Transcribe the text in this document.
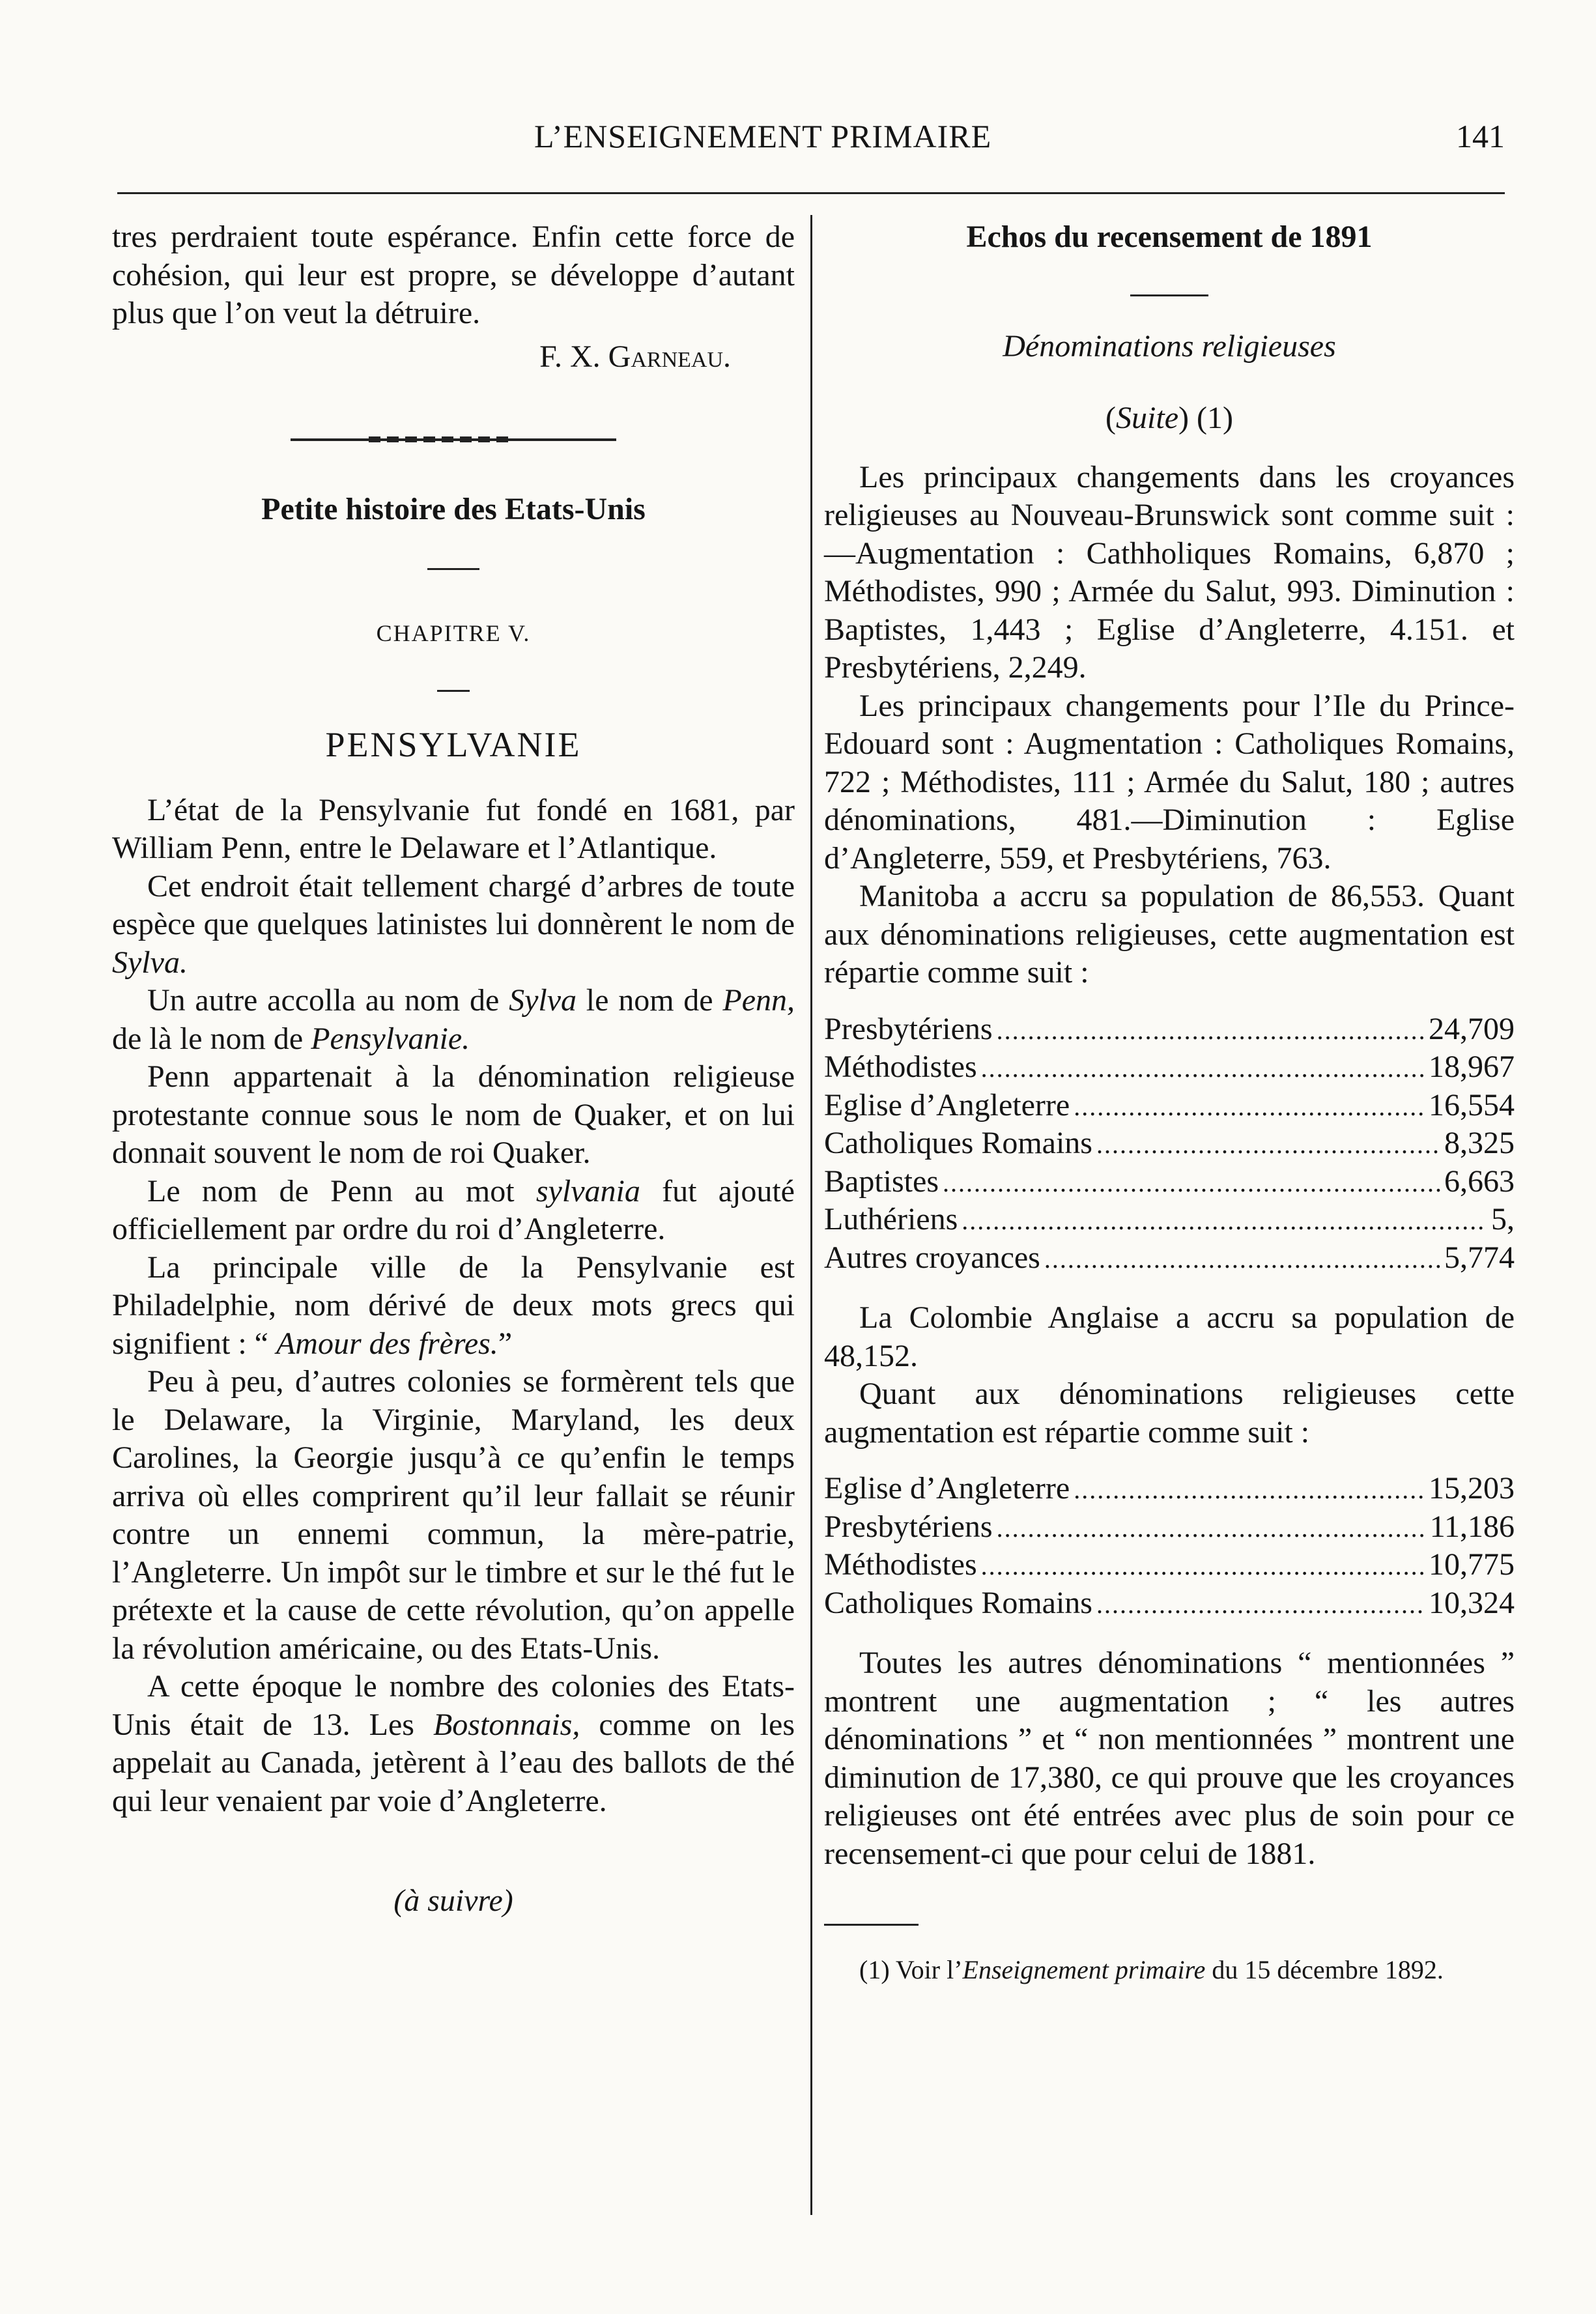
L’ENSEIGNEMENT PRIMAIRE	141

tres perdraient toute espérance. Enfin cette force de cohésion, qui leur est propre, se développe d’autant plus que l’on veut la détruire.

F. X. Garneau.

Petite histoire des Etats-Unis

CHAPITRE V.

PENSYLVANIE

L’état de la Pensylvanie fut fondé en 1681, par William Penn, entre le Delaware et l’Atlantique.

Cet endroit était tellement chargé d’arbres de toute espèce que quelques latinistes lui donnèrent le nom de Sylva.

Un autre accolla au nom de Sylva le nom de Penn, de là le nom de Pensylvanie.

Penn appartenait à la dénomination religieuse protestante connue sous le nom de Quaker, et on lui donnait souvent le nom de roi Quaker.

Le nom de Penn au mot sylvania fut ajouté officiellement par ordre du roi d’Angleterre.

La principale ville de la Pensylvanie est Philadelphie, nom dérivé de deux mots grecs qui signifient : “ Amour des frères.”

Peu à peu, d’autres colonies se formèrent tels que le Delaware, la Virginie, Maryland, les deux Carolines, la Georgie jusqu’à ce qu’enfin le temps arriva où elles comprirent qu’il leur fallait se réunir contre un ennemi commun, la mère-patrie, l’Angleterre. Un impôt sur le timbre et sur le thé fut le prétexte et la cause de cette révolution, qu’on appelle la révolution américaine, ou des Etats-Unis.

A cette époque le nombre des colonies des Etats-Unis était de 13. Les Bostonnais, comme on les appelait au Canada, jetèrent à l’eau des ballots de thé qui leur venaient par voie d’Angleterre.

(à suivre)

Echos du recensement de 1891

Dénominations religieuses

(Suite) (1)

Les principaux changements dans les croyances religieuses au Nouveau-Brunswick sont comme suit :—Augmentation : Cathholiques Romains, 6,870 ; Méthodistes, 990 ; Armée du Salut, 993. Diminution : Baptistes, 1,443 ; Eglise d’Angleterre, 4.151. et Presbytériens, 2,249.

Les principaux changements pour l’Ile du Prince-Edouard sont : Augmentation : Catholiques Romains, 722 ; Méthodistes, 111 ; Armée du Salut, 180 ; autres dénominations, 481.—Diminution : Eglise d’Angleterre, 559, et Presbytériens, 763.

Manitoba a accru sa population de 86,553. Quant aux dénominations religieuses, cette augmentation est répartie comme suit :

Presbytériens .....	24,709
Méthodistes .....	18,967
Eglise d’Angleterre .....	16,554
Catholiques Romains .....	8,325
Baptistes .....	6,663
Luthériens .....	5,
Autres croyances .....	5,774

La Colombie Anglaise a accru sa population de 48,152.

Quant aux dénominations religieuses cette augmentation est répartie comme suit :

Eglise d’Angleterre .....	15,203
Presbytériens .....	11,186
Méthodistes .....	10,775
Catholiques Romains .....	10,324

Toutes les autres dénominations “ mentionnées ” montrent une augmentation ; “ les autres dénominations ” et “ non mentionnées ” montrent une diminution de 17,380, ce qui prouve que les croyances religieuses ont été entrées avec plus de soin pour ce recensement-ci que pour celui de 1881.

(1) Voir l’Enseignement primaire du 15 décembre 1892.
